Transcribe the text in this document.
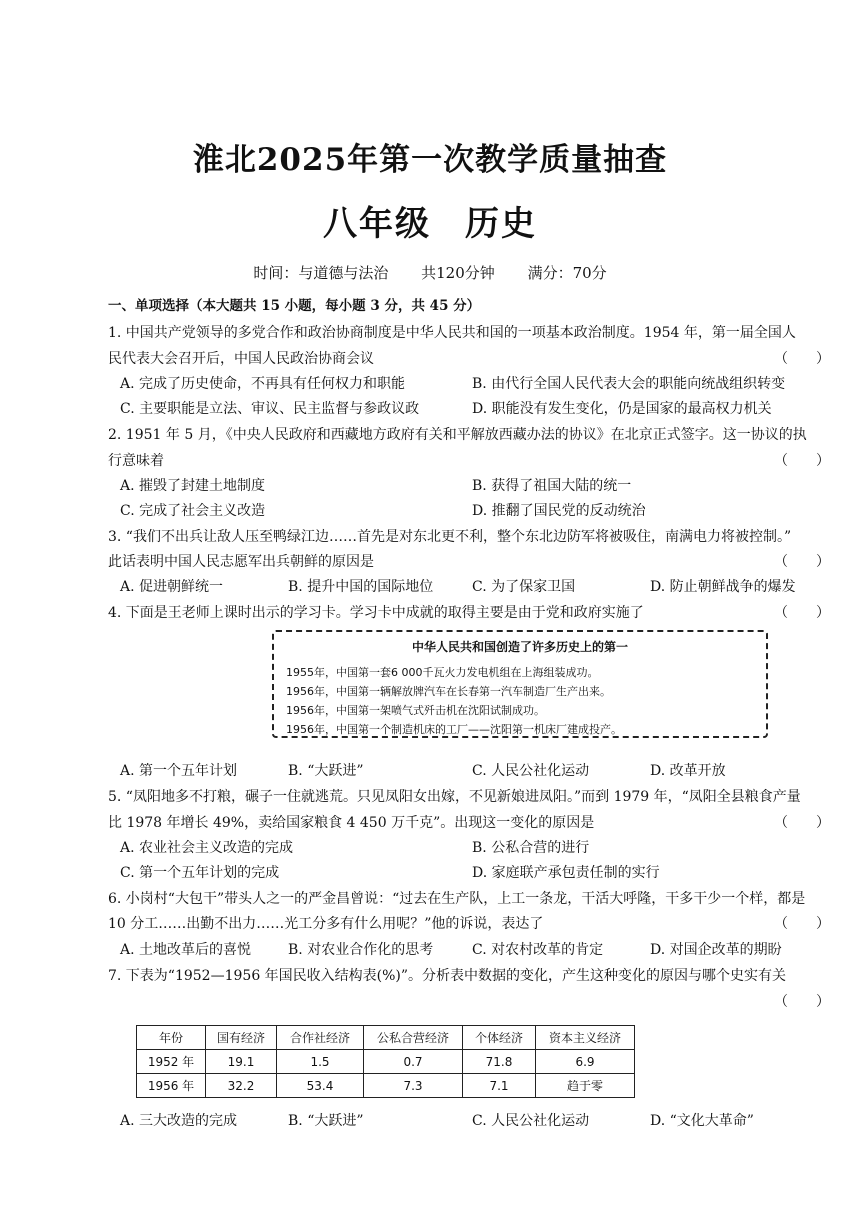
淮北2025年第一次教学质量抽查
八年级 历史
时间：与道德与法治 共120分钟 满分：70分
一、单项选择（本大题共 15 小题，每小题 3 分，共 45 分）
1. 中国共产党领导的多党合作和政治协商制度是中华人民共和国的一项基本政治制度。1954 年，第一届全国人
民代表大会召开后，中国人民政治协商会议	（　　）
A. 完成了历史使命，不再具有任何权力和职能	B. 由代行全国人民代表大会的职能向统战组织转变
C. 主要职能是立法、审议、民主监督与参政议政	D. 职能没有发生变化，仍是国家的最高权力机关
2. 1951 年 5 月，《中央人民政府和西藏地方政府有关和平解放西藏办法的协议》在北京正式签字。这一协议的执
行意味着	（　　）
A. 摧毁了封建土地制度	B. 获得了祖国大陆的统一
C. 完成了社会主义改造	D. 推翻了国民党的反动统治
3. “我们不出兵让敌人压至鸭绿江边……首先是对东北更不利，整个东北边防军将被吸住，南满电力将被控制。”
此话表明中国人民志愿军出兵朝鲜的原因是	（　　）
A. 促进朝鲜统一	B. 提升中国的国际地位	C. 为了保家卫国	D. 防止朝鲜战争的爆发
4. 下面是王老师上课时出示的学习卡。学习卡中成就的取得主要是由于党和政府实施了	（　　）
中华人民共和国创造了许多历史上的第一
1955年，中国第一套6 000千瓦火力发电机组在上海组装成功。
1956年，中国第一辆解放牌汽车在长春第一汽车制造厂生产出来。
1956年，中国第一架喷气式歼击机在沈阳试制成功。
1956年，中国第一个制造机床的工厂——沈阳第一机床厂建成投产。
A. 第一个五年计划	B. “大跃进”	C. 人民公社化运动	D. 改革开放
5. “凤阳地多不打粮，碾子一住就逃荒。只见凤阳女出嫁，不见新娘进凤阳。”而到 1979 年，“凤阳全县粮食产量
比 1978 年增长 49%，卖给国家粮食 4 450 万千克”。出现这一变化的原因是	（　　）
A. 农业社会主义改造的完成	B. 公私合营的进行
C. 第一个五年计划的完成	D. 家庭联产承包责任制的实行
6. 小岗村“大包干”带头人之一的严金昌曾说：“过去在生产队，上工一条龙，干活大呼隆，干多干少一个样，都是
10 分工……出勤不出力……光工分多有什么用呢？”他的诉说，表达了	（　　）
A. 土地改革后的喜悦	B. 对农业合作化的思考	C. 对农村改革的肯定	D. 对国企改革的期盼
7. 下表为“1952—1956 年国民收入结构表(%)”。分析表中数据的变化，产生这种变化的原因与哪个史实有关
（　　）
A. 三大改造的完成	B. “大跃进”	C. 人民公社化运动	D. “文化大革命”
年份	国有经济	合作社经济	公私合营经济	个体经济	资本主义经济
1952 年	19.1	1.5	0.7	71.8	6.9
1956 年	32.2	53.4	7.3	7.1	趋于零
